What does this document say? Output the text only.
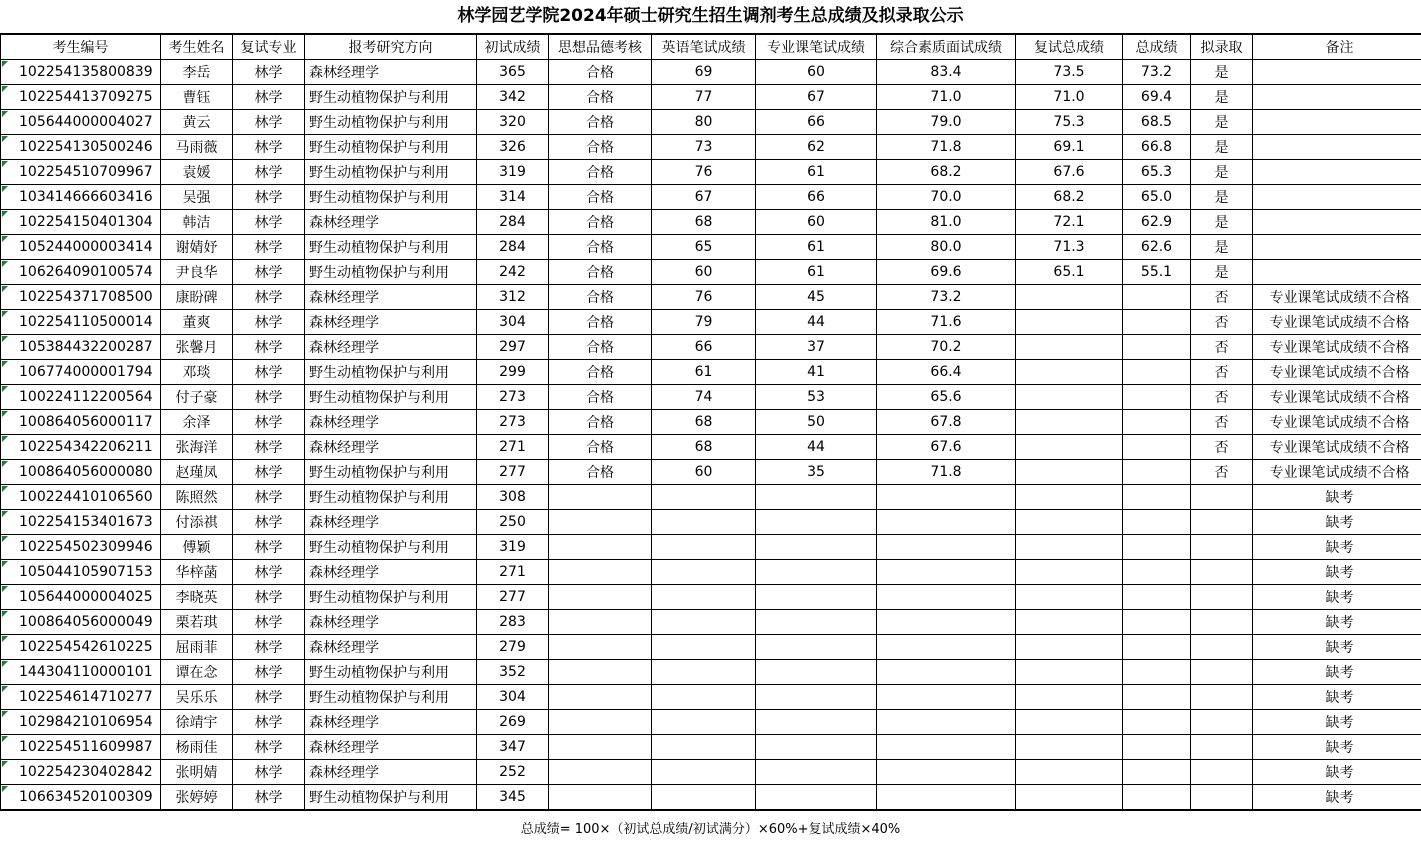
林学园艺学院2024年硕士研究生招生调剂考生总成绩及拟录取公示
考生编号	考生姓名	复试专业	报考研究方向	初试成绩	思想品德考核	英语笔试成绩	专业课笔试成绩	综合素质面试成绩	复试总成绩	总成绩	拟录取	备注
102254135800839	李岳	林学	森林经理学	365	合格	69	60	83.4	73.5	73.2	是	
102254413709275	曹钰	林学	野生动植物保护与利用	342	合格	77	67	71.0	71.0	69.4	是	
105644000004027	黄云	林学	野生动植物保护与利用	320	合格	80	66	79.0	75.3	68.5	是	
102254130500246	马雨薇	林学	野生动植物保护与利用	326	合格	73	62	71.8	69.1	66.8	是	
102254510709967	袁媛	林学	野生动植物保护与利用	319	合格	76	61	68.2	67.6	65.3	是	
103414666603416	吴强	林学	野生动植物保护与利用	314	合格	67	66	70.0	68.2	65.0	是	
102254150401304	韩洁	林学	森林经理学	284	合格	68	60	81.0	72.1	62.9	是	
105244000003414	谢婧妤	林学	野生动植物保护与利用	284	合格	65	61	80.0	71.3	62.6	是	
106264090100574	尹良华	林学	野生动植物保护与利用	242	合格	60	61	69.6	65.1	55.1	是	
102254371708500	康盼碑	林学	森林经理学	312	合格	76	45	73.2			否	专业课笔试成绩不合格
102254110500014	董爽	林学	森林经理学	304	合格	79	44	71.6			否	专业课笔试成绩不合格
105384432200287	张馨月	林学	森林经理学	297	合格	66	37	70.2			否	专业课笔试成绩不合格
106774000001794	邓琰	林学	野生动植物保护与利用	299	合格	61	41	66.4			否	专业课笔试成绩不合格
100224112200564	付子豪	林学	野生动植物保护与利用	273	合格	74	53	65.6			否	专业课笔试成绩不合格
100864056000117	余泽	林学	森林经理学	273	合格	68	50	67.8			否	专业课笔试成绩不合格
102254342206211	张海洋	林学	森林经理学	271	合格	68	44	67.6			否	专业课笔试成绩不合格
100864056000080	赵瑾凤	林学	野生动植物保护与利用	277	合格	60	35	71.8			否	专业课笔试成绩不合格
100224410106560	陈照然	林学	野生动植物保护与利用	308								缺考
102254153401673	付添祺	林学	森林经理学	250								缺考
102254502309946	傅颖	林学	野生动植物保护与利用	319								缺考
105044105907153	华梓菡	林学	森林经理学	271								缺考
105644000004025	李晓英	林学	野生动植物保护与利用	277								缺考
100864056000049	栗若琪	林学	森林经理学	283								缺考
102254542610225	屈雨菲	林学	森林经理学	279								缺考
144304110000101	谭在念	林学	野生动植物保护与利用	352								缺考
102254614710277	吴乐乐	林学	野生动植物保护与利用	304								缺考
102984210106954	徐靖宇	林学	森林经理学	269								缺考
102254511609987	杨雨佳	林学	森林经理学	347								缺考
102254230402842	张明婧	林学	森林经理学	252								缺考
106634520100309	张婷婷	林学	野生动植物保护与利用	345								缺考
总成绩= 100×（初试总成绩/初试满分）×60%+复试成绩×40%
